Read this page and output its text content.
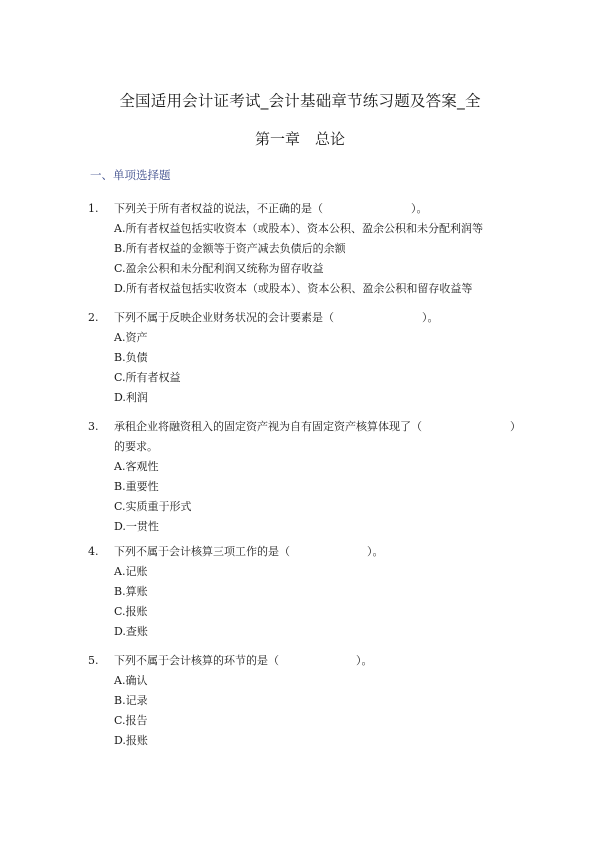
全国适用会计证考试_会计基础章节练习题及答案_全
第一章　总论
一、单项选择题
1.	下列关于所有者权益的说法，不正确的是（　　　　　　　　）。
A.所有者权益包括实收资本（或股本）、资本公积、盈余公积和未分配利润等
B.所有者权益的金额等于资产减去负债后的余额
C.盈余公积和未分配利润又统称为留存收益
D.所有者权益包括实收资本（或股本）、资本公积、盈余公积和留存收益等
2.	下列不属于反映企业财务状况的会计要素是（　　　　　　　　）。
A.资产
B.负债
C.所有者权益
D.利润
3.	承租企业将融资租入的固定资产视为自有固定资产核算体现了（　　　　　　　　）
的要求。
A.客观性
B.重要性
C.实质重于形式
D.一贯性
4.	下列不属于会计核算三项工作的是（　　　　　　　）。
A.记账
B.算账
C.报账
D.查账
5.	下列不属于会计核算的环节的是（　　　　　　　）。
A.确认
B.记录
C.报告
D.报账
